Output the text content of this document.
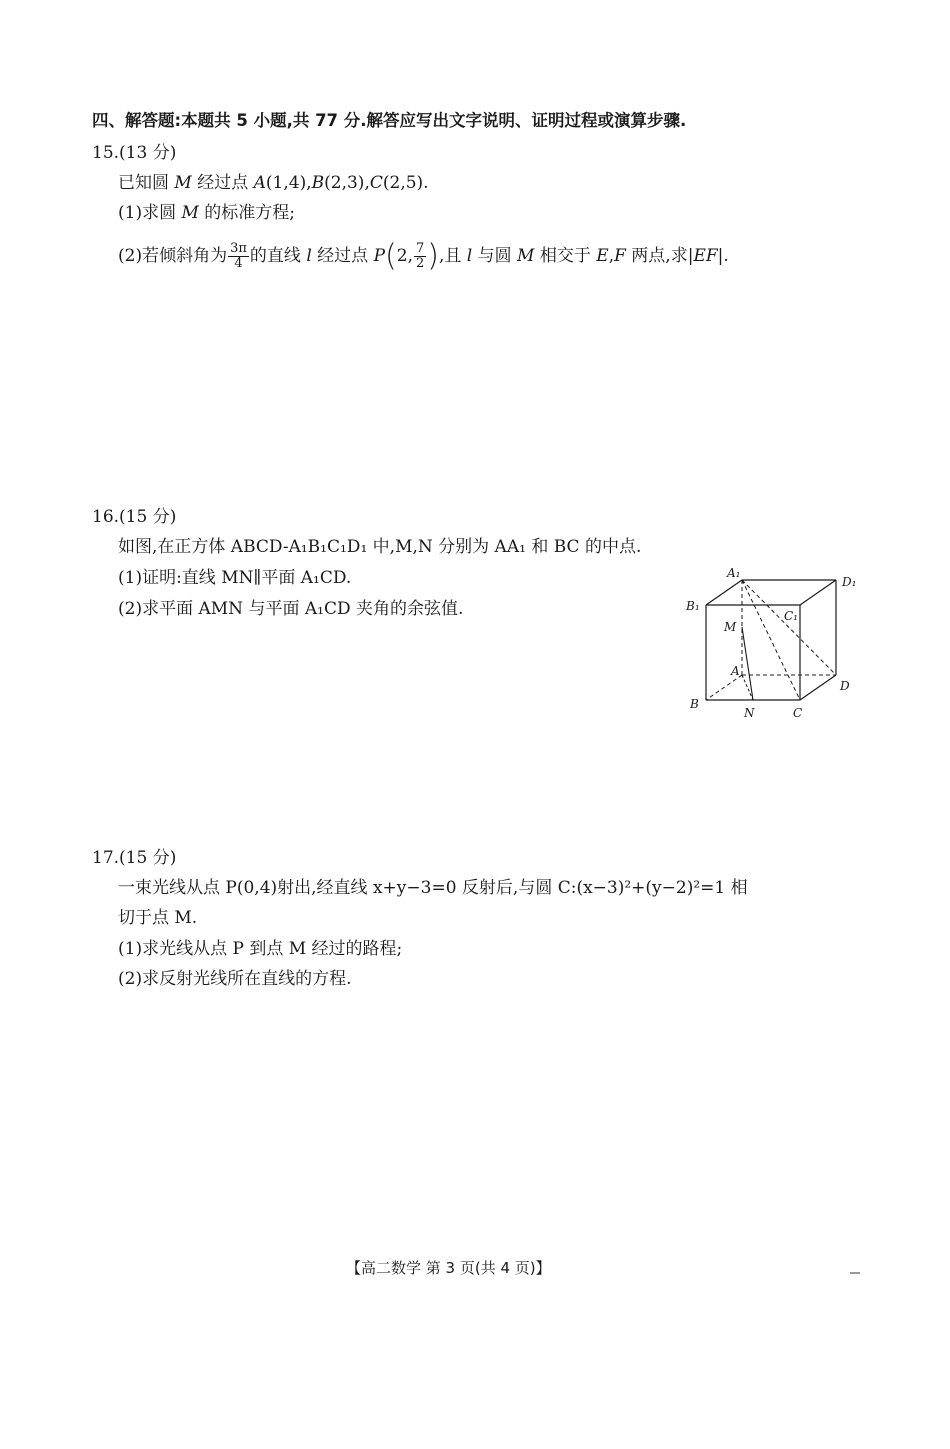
四、解答题:本题共 5 小题,共 77 分.解答应写出文字说明、证明过程或演算步骤.
15.(13 分)
已知圆 M 经过点 A(1,4),B(2,3),C(2,5).
(1)求圆 M 的标准方程;
(2)若倾斜角为 $\frac{3\pi}{4}$ 的直线 l 经过点 P(2, $\frac{7}{2}$ ),且 l 与圆 M 相交于 E,F 两点,求|EF|.
16.(15 分)
如图,在正方体 ABCD-A₁B₁C₁D₁ 中,M,N 分别为 AA₁ 和 BC 的中点.
(1)证明:直线 MN∥平面 A₁CD.
(2)求平面 AMN 与平面 A₁CD 夹角的余弦值.
A₁
D₁
B₁
C₁
M
A
D
B
N	C
17.(15 分)
一束光线从点 P(0,4)射出,经直线 x+y−3=0 反射后,与圆 C:(x−3)²+(y−2)²=1 相
切于点 M.
(1)求光线从点 P 到点 M 经过的路程;
(2)求反射光线所在直线的方程.
【高二数学 第 3 页(共 4 页)】
